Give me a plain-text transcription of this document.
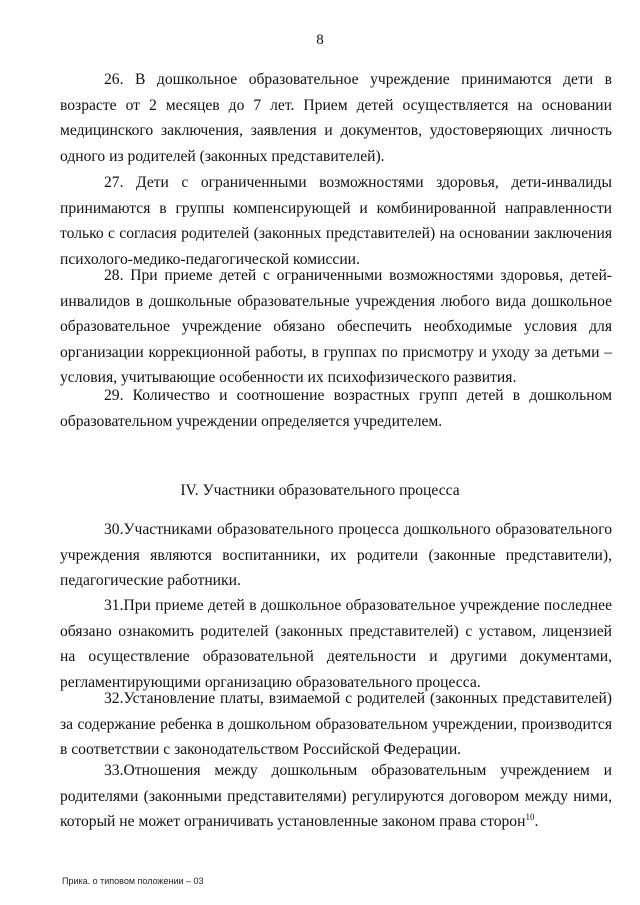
8

26. В дошкольное образовательное учреждение принимаются дети в возрасте от 2 месяцев до 7 лет. Прием детей осуществляется на основании медицинского заключения, заявления и документов, удостоверяющих личность одного из родителей (законных представителей).

27. Дети с ограниченными возможностями здоровья, дети-инвалиды принимаются в группы компенсирующей и комбинированной направленности только с согласия родителей (законных представителей) на основании заключения психолого-медико-педагогической комиссии.

28. При приеме детей с ограниченными возможностями здоровья, детей-инвалидов в дошкольные образовательные учреждения любого вида дошкольное образовательное учреждение обязано обеспечить необходимые условия для организации коррекционной работы, в группах по присмотру и уходу за детьми – условия, учитывающие особенности их психофизического развития.

29. Количество и соотношение возрастных групп детей в дошкольном образовательном учреждении определяется учредителем.

IV. Участники образовательного процесса

30.Участниками образовательного процесса дошкольного образовательного учреждения являются воспитанники, их родители (законные представители), педагогические работники.

31.При приеме детей в дошкольное образовательное учреждение последнее обязано ознакомить родителей (законных представителей) с уставом, лицензией на осуществление образовательной деятельности и другими документами, регламентирующими организацию образовательного процесса.

32.Установление платы, взимаемой с родителей (законных представителей) за содержание ребенка в дошкольном образовательном учреждении, производится в соответствии с законодательством Российской Федерации.

33.Отношения между дошкольным образовательным учреждением и родителями (законными представителями) регулируются договором между ними, который не может ограничивать установленные законом права сторон$^{10}$.

Прика. о типовом положении – 03
